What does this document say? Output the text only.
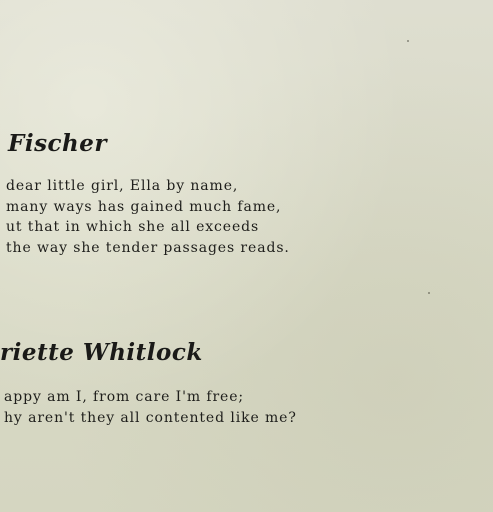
Fischer

dear little girl, Ella by name,
many ways has gained much fame,
ut that in which she all exceeds
the way she tender passages reads.

riette Whitlock

appy am I, from care I'm free;
hy aren't they all contented like me?
